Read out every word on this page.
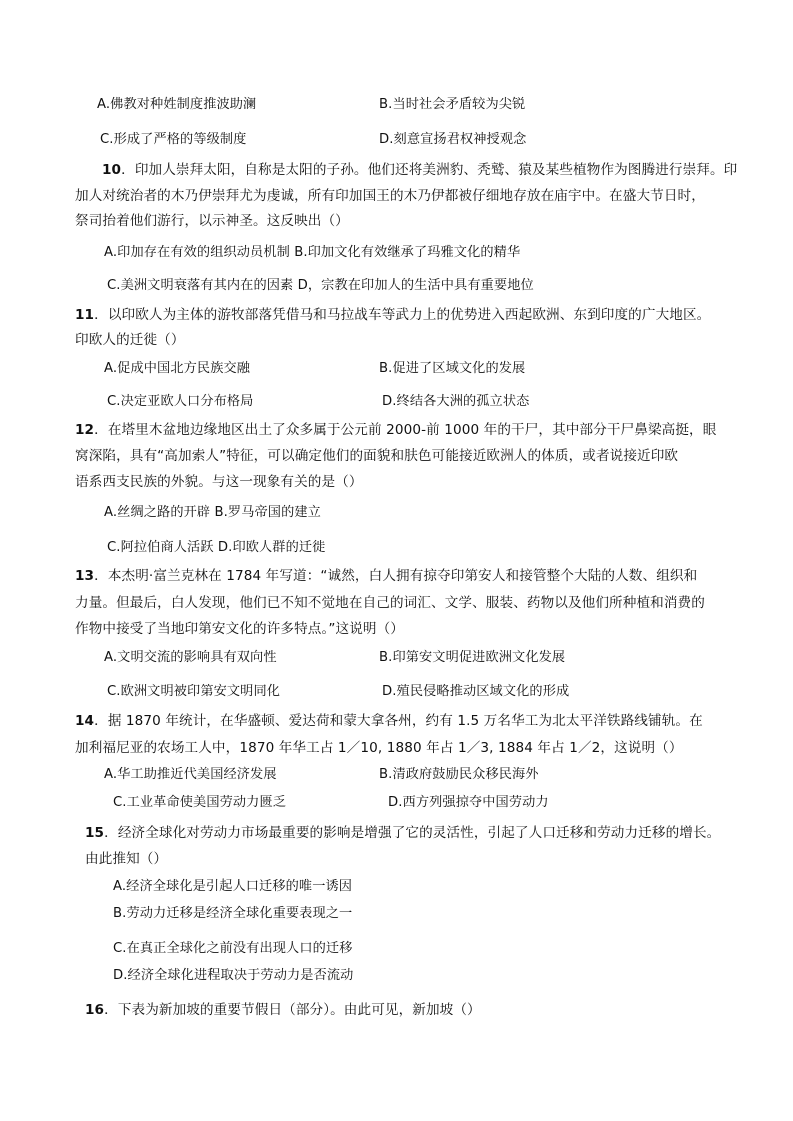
A.佛教对种姓制度推波助澜	B.当时社会矛盾较为尖锐
C.形成了严格的等级制度	D.刻意宣扬君权神授观念
10．印加人崇拜太阳，自称是太阳的子孙。他们还将美洲豹、秃鹫、猿及某些植物作为图腾进行崇拜。印
加人对统治者的木乃伊崇拜尤为虔诚，所有印加国王的木乃伊都被仔细地存放在庙宇中。在盛大节日时，
祭司抬着他们游行，以示神圣。这反映出（）
A.印加存在有效的组织动员机制 B.印加文化有效继承了玛雅文化的精华
C.美洲文明衰落有其内在的因素 D，宗教在印加人的生活中具有重要地位
11．以印欧人为主体的游牧部落凭借马和马拉战车等武力上的优势进入西起欧洲、东到印度的广大地区。
印欧人的迁徙（）
A.促成中国北方民族交融	B.促进了区域文化的发展
C.决定亚欧人口分布格局	D.终结各大洲的孤立状态
12．在塔里木盆地边缘地区出土了众多属于公元前 2000-前 1000 年的干尸，其中部分干尸鼻梁高挺，眼
窝深陷，具有“高加索人”特征，可以确定他们的面貌和肤色可能接近欧洲人的体质，或者说接近印欧
语系西支民族的外貌。与这一现象有关的是（）
A.丝绸之路的开辟 B.罗马帝国的建立
C.阿拉伯商人活跃 D.印欧人群的迁徙
13．本杰明·富兰克林在 1784 年写道：“诚然，白人拥有掠夺印第安人和接管整个大陆的人数、组织和
力量。但最后，白人发现，他们已不知不觉地在自己的词汇、文学、服装、药物以及他们所种植和消费的
作物中接受了当地印第安文化的许多特点。”这说明（）
A.文明交流的影响具有双向性	B.印第安文明促进欧洲文化发展
C.欧洲文明被印第安文明同化	D.殖民侵略推动区域文化的形成
14．据 1870 年统计，在华盛顿、爱达荷和蒙大拿各州，约有 1.5 万名华工为北太平洋铁路线铺轨。在
加利福尼亚的农场工人中，1870 年华工占 1／10, 1880 年占 1／3, 1884 年占 1／2，这说明（）
A.华工助推近代美国经济发展	B.清政府鼓励民众移民海外
C.工业革命使美国劳动力匮乏	D.西方列强掠夺中国劳动力
15．经济全球化对劳动力市场最重要的影响是增强了它的灵活性，引起了人口迁移和劳动力迁移的增长。
由此推知（）
A.经济全球化是引起人口迁移的唯一诱因
B.劳动力迁移是经济全球化重要表现之一
C.在真正全球化之前没有出现人口的迁移
D.经济全球化进程取决于劳动力是否流动
16．下表为新加坡的重要节假日（部分）。由此可见，新加坡（）
